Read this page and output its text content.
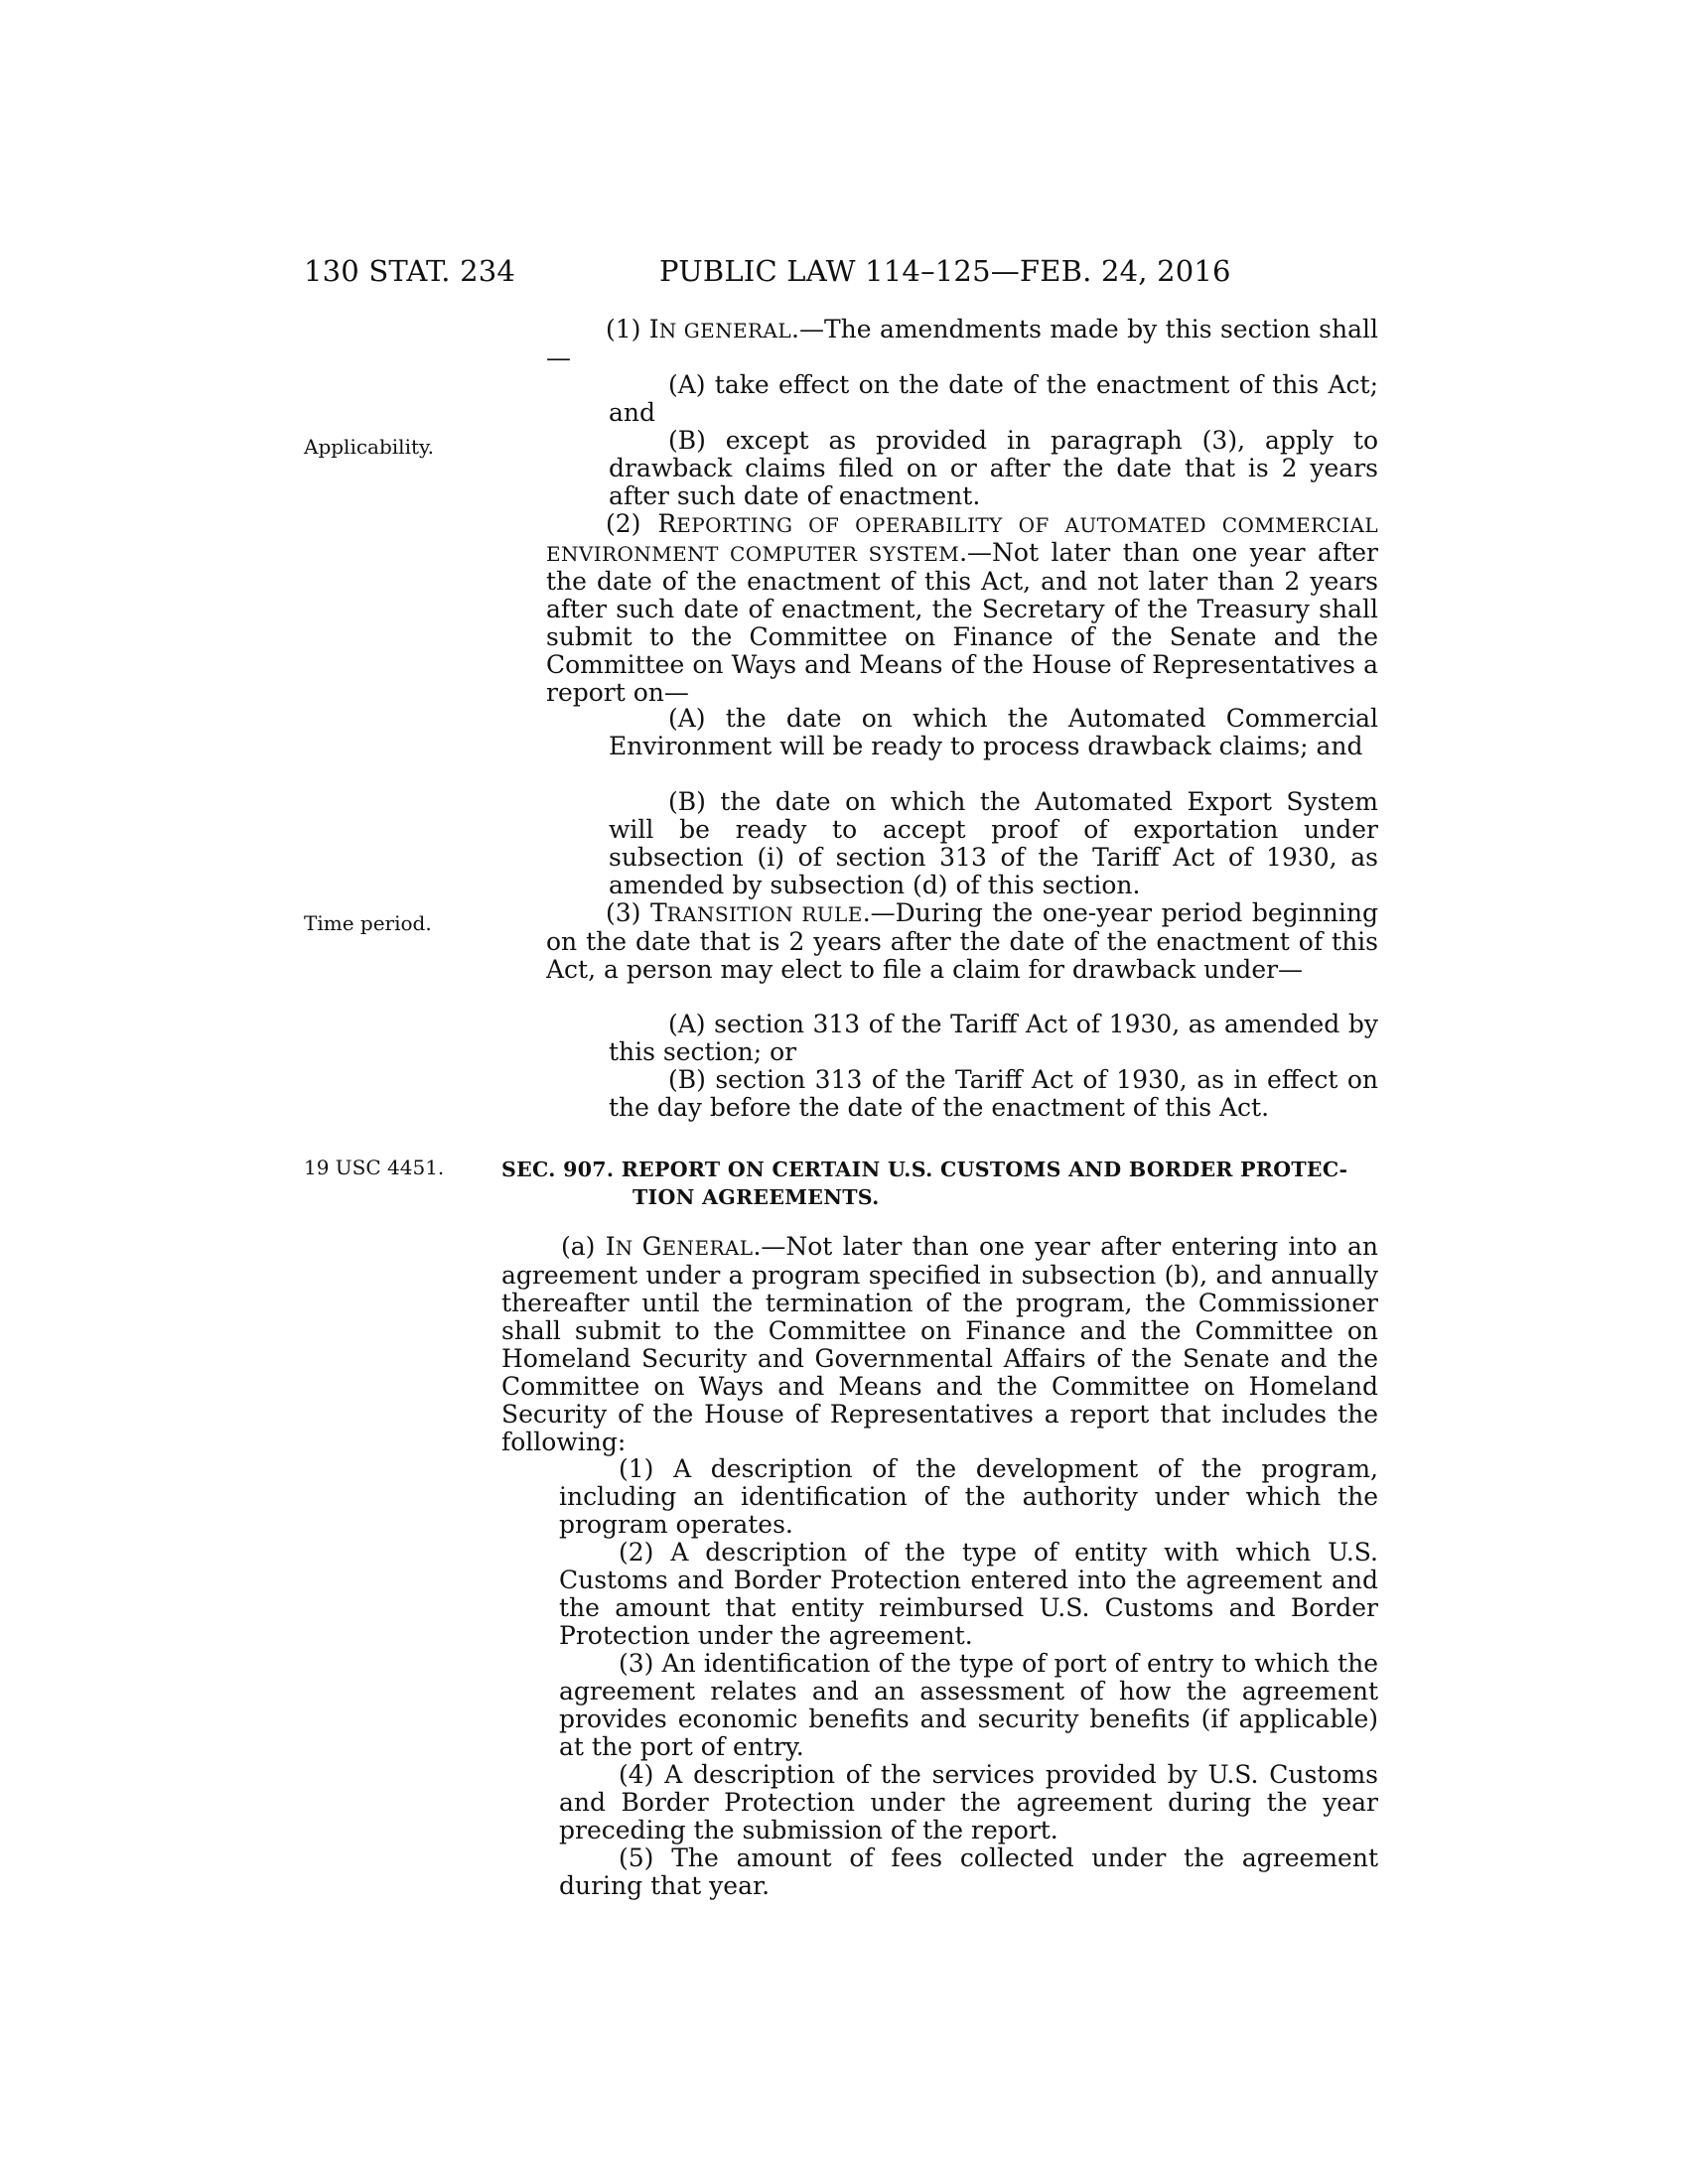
130 STAT. 234	PUBLIC LAW 114–125—FEB. 24, 2016
Applicability.
Time period.
19 USC 4451.

(1) IN GENERAL.—The amendments made by this section shall—

(A) take effect on the date of the enactment of this Act; and

(B) except as provided in paragraph (3), apply to drawback claims filed on or after the date that is 2 years after such date of enactment.

(2) REPORTING OF OPERABILITY OF AUTOMATED COMMERCIAL ENVIRONMENT COMPUTER SYSTEM.—Not later than one year after the date of the enactment of this Act, and not later than 2 years after such date of enactment, the Secretary of the Treasury shall submit to the Committee on Finance of the Senate and the Committee on Ways and Means of the House of Representatives a report on—

(A) the date on which the Automated Commercial Environment will be ready to process drawback claims; and

(B) the date on which the Automated Export System will be ready to accept proof of exportation under subsection (i) of section 313 of the Tariff Act of 1930, as amended by subsection (d) of this section.

(3) TRANSITION RULE.—During the one-year period beginning on the date that is 2 years after the date of the enactment of this Act, a person may elect to file a claim for drawback under—

(A) section 313 of the Tariff Act of 1930, as amended by this section; or

(B) section 313 of the Tariff Act of 1930, as in effect on the day before the date of the enactment of this Act.

SEC. 907. REPORT ON CERTAIN U.S. CUSTOMS AND BORDER PROTEC-
TION AGREEMENTS.

(a) IN GENERAL.—Not later than one year after entering into an agreement under a program specified in subsection (b), and annually thereafter until the termination of the program, the Commissioner shall submit to the Committee on Finance and the Committee on Homeland Security and Governmental Affairs of the Senate and the Committee on Ways and Means and the Committee on Homeland Security of the House of Representatives a report that includes the following:

(1) A description of the development of the program, including an identification of the authority under which the program operates.

(2) A description of the type of entity with which U.S. Customs and Border Protection entered into the agreement and the amount that entity reimbursed U.S. Customs and Border Protection under the agreement.

(3) An identification of the type of port of entry to which the agreement relates and an assessment of how the agreement provides economic benefits and security benefits (if applicable) at the port of entry.

(4) A description of the services provided by U.S. Customs and Border Protection under the agreement during the year preceding the submission of the report.

(5) The amount of fees collected under the agreement during that year.
